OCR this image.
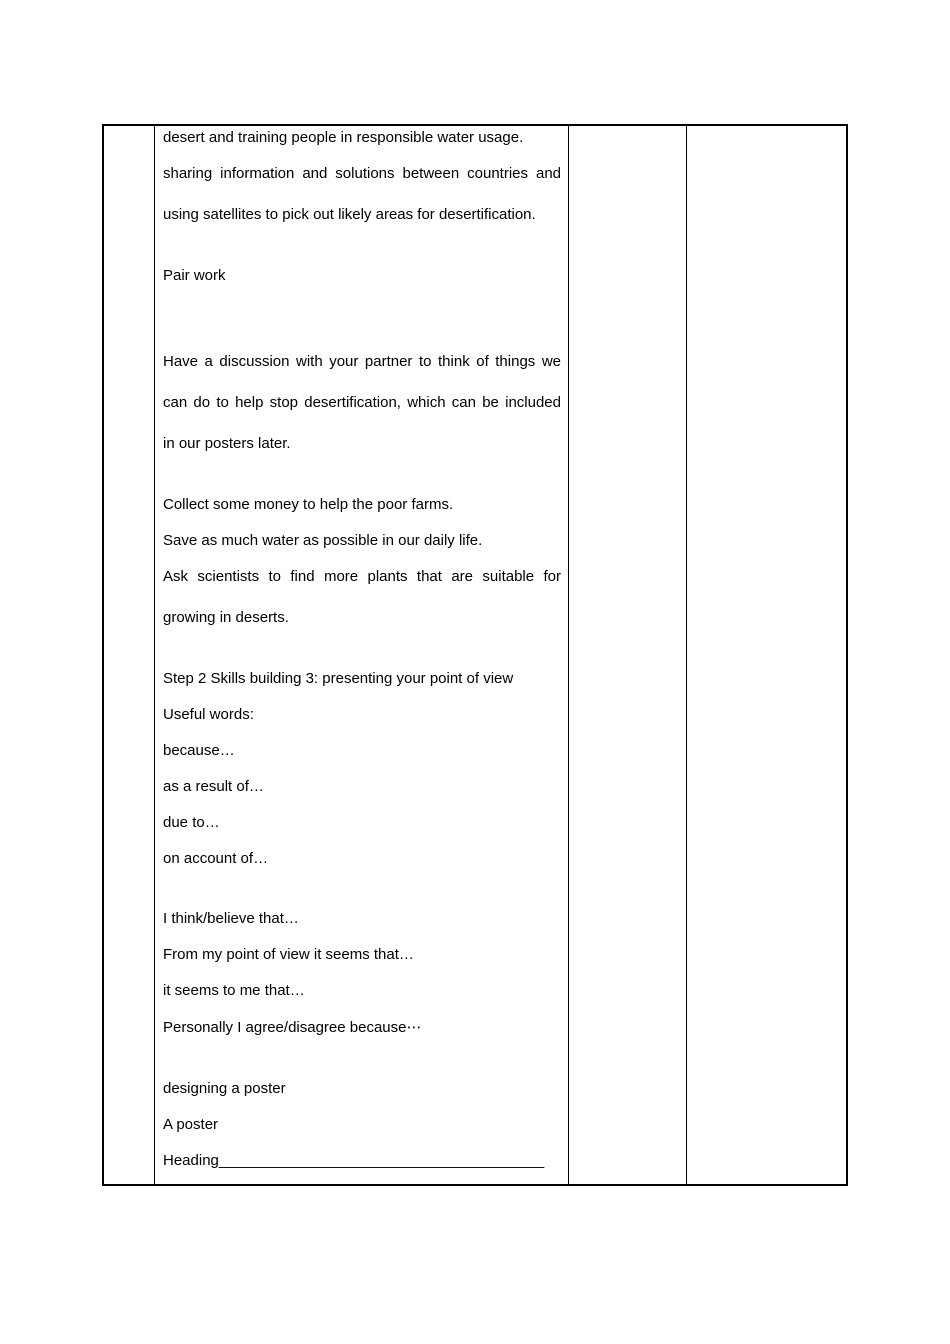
desert and training people in responsible water usage.
sharing information and solutions between countries and
using satellites to pick out likely areas for desertification.
Pair work
Have a discussion with your partner to think of things we
can do to help stop desertification, which can be included
in our posters later.
Collect some money to help the poor farms.
Save as much water as possible in our daily life.
Ask scientists to find more plants that are suitable for
growing in deserts.
Step 2 Skills building 3: presenting your point of view
Useful words:
because…
as a result of…
due to…
on account of…
I think/believe that…
From my point of view it seems that…
it seems to me that…
Personally I agree/disagree because⋯
designing a poster
A poster
Heading_______________________________________
